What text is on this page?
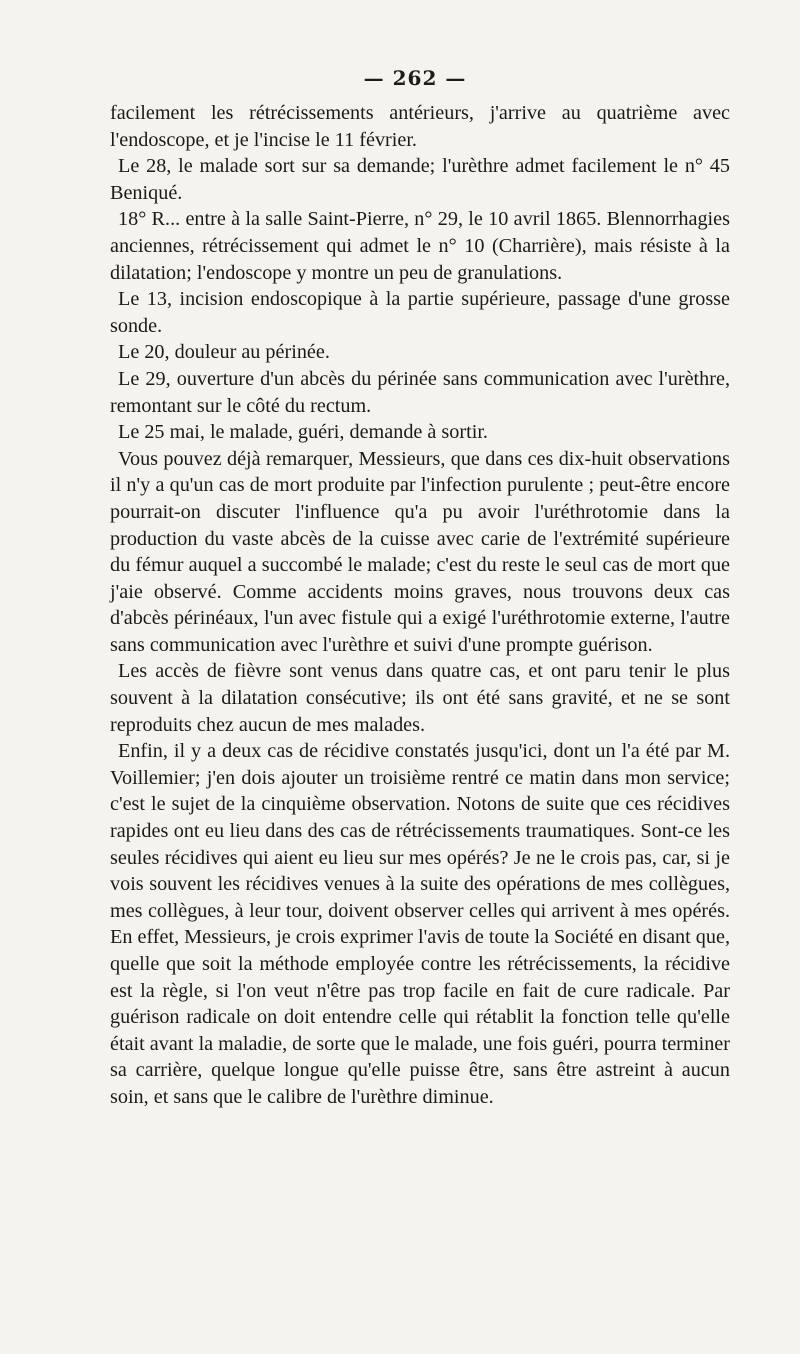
— 262 —

facilement les rétrécissements antérieurs, j'arrive au quatrième avec l'endoscope, et je l'incise le 11 février.

Le 28, le malade sort sur sa demande; l'urèthre admet facilement le n° 45 Beniqué.

18° R... entre à la salle Saint-Pierre, n° 29, le 10 avril 1865. Blennorrhagies anciennes, rétrécissement qui admet le n° 10 (Charrière), mais résiste à la dilatation; l'endoscope y montre un peu de granulations.

Le 13, incision endoscopique à la partie supérieure, passage d'une grosse sonde.

Le 20, douleur au périnée.

Le 29, ouverture d'un abcès du périnée sans communication avec l'urèthre, remontant sur le côté du rectum.

Le 25 mai, le malade, guéri, demande à sortir.

Vous pouvez déjà remarquer, Messieurs, que dans ces dix-huit observations il n'y a qu'un cas de mort produite par l'infection purulente ; peut-être encore pourrait-on discuter l'influence qu'a pu avoir l'uréthrotomie dans la production du vaste abcès de la cuisse avec carie de l'extrémité supérieure du fémur auquel a succombé le malade; c'est du reste le seul cas de mort que j'aie observé. Comme accidents moins graves, nous trouvons deux cas d'abcès périnéaux, l'un avec fistule qui a exigé l'uréthrotomie externe, l'autre sans communication avec l'urèthre et suivi d'une prompte guérison.

Les accès de fièvre sont venus dans quatre cas, et ont paru tenir le plus souvent à la dilatation consécutive; ils ont été sans gravité, et ne se sont reproduits chez aucun de mes malades.

Enfin, il y a deux cas de récidive constatés jusqu'ici, dont un l'a été par M. Voillemier; j'en dois ajouter un troisième rentré ce matin dans mon service; c'est le sujet de la cinquième observation. Notons de suite que ces récidives rapides ont eu lieu dans des cas de rétrécissements traumatiques. Sont-ce les seules récidives qui aient eu lieu sur mes opérés? Je ne le crois pas, car, si je vois souvent les récidives venues à la suite des opérations de mes collègues, mes collègues, à leur tour, doivent observer celles qui arrivent à mes opérés. En effet, Messieurs, je crois exprimer l'avis de toute la Société en disant que, quelle que soit la méthode employée contre les rétrécissements, la récidive est la règle, si l'on veut n'être pas trop facile en fait de cure radicale. Par guérison radicale on doit entendre celle qui rétablit la fonction telle qu'elle était avant la maladie, de sorte que le malade, une fois guéri, pourra terminer sa carrière, quelque longue qu'elle puisse être, sans être astreint à aucun soin, et sans que le calibre de l'urèthre diminue.
